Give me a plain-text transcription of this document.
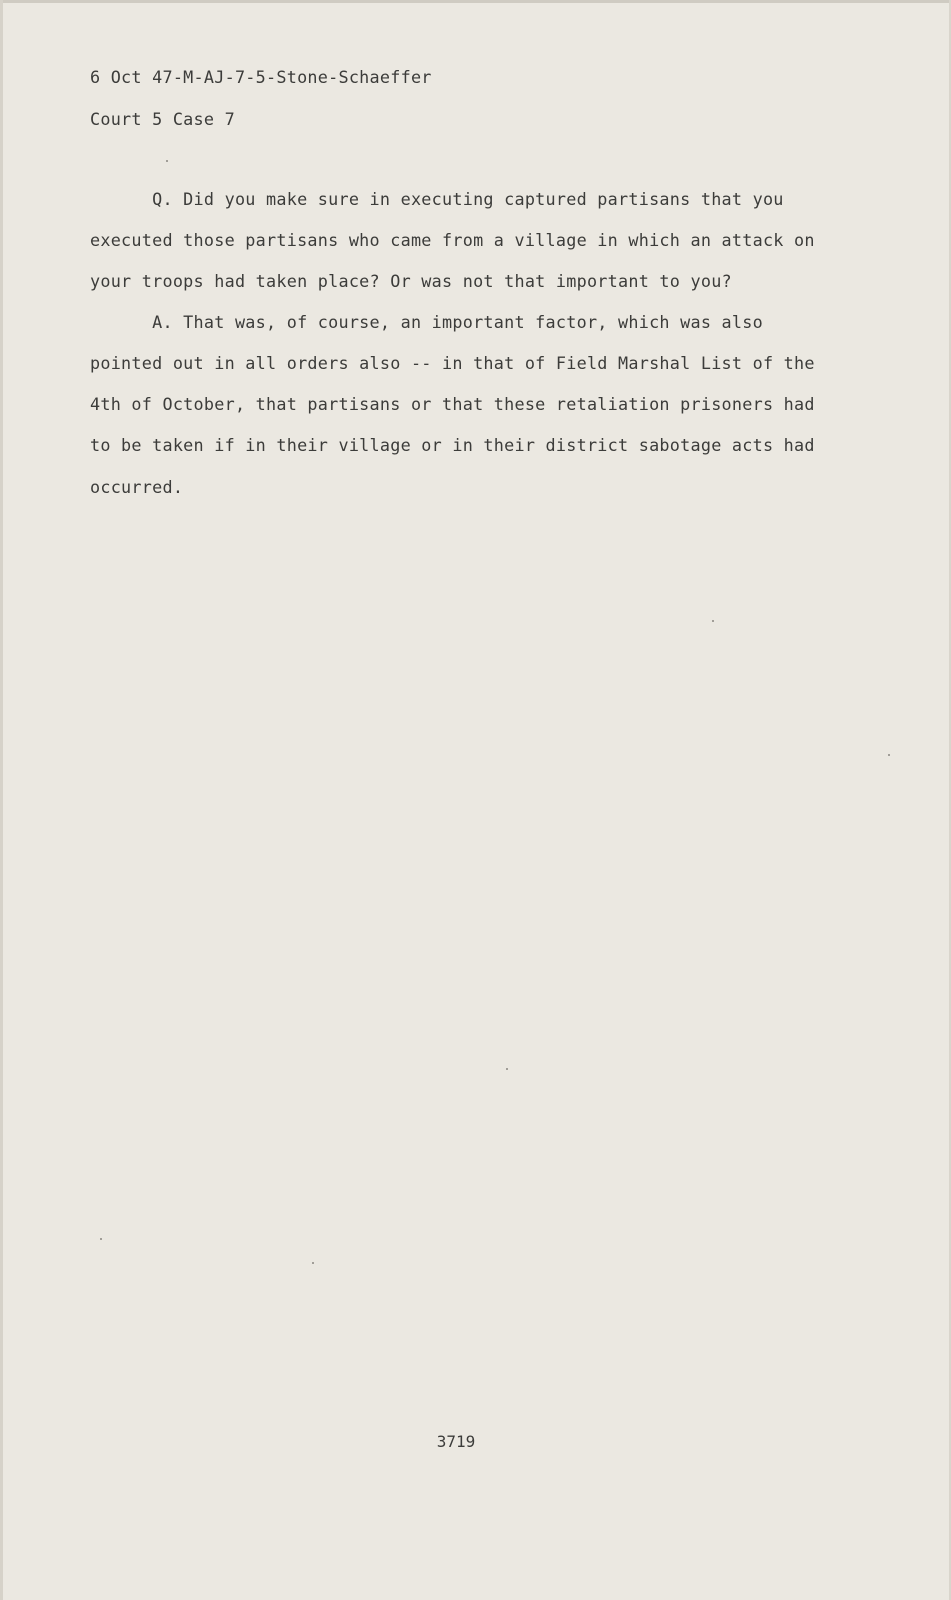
6 Oct 47-M-AJ-7-5-Stone-Schaeffer
Court 5 Case 7
Q. Did you make sure in executing captured partisans that you
executed those partisans who came from a village in which an attack on
your troops had taken place? Or was not that important to you?
A. That was, of course, an important factor, which was also
pointed out in all orders also -- in that of Field Marshal List of the
4th of October, that partisans or that these retaliation prisoners had
to be taken if in their village or in their district sabotage acts had
occurred.
3719
